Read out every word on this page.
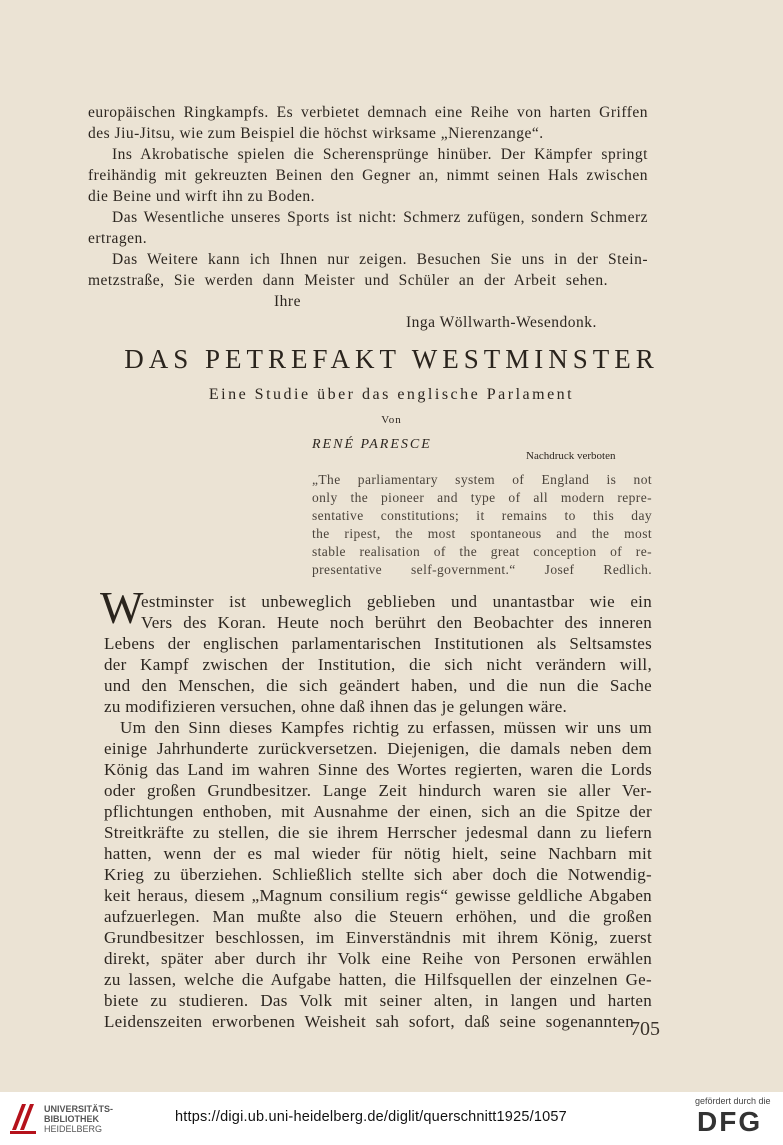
europäischen Ringkampfs. Es verbietet demnach eine Reihe von harten Griffen
des Jiu-Jitsu, wie zum Beispiel die höchst wirksame „Nierenzange“.
Ins Akrobatische spielen die Scherensprünge hinüber. Der Kämpfer springt
freihändig mit gekreuzten Beinen den Gegner an, nimmt seinen Hals zwischen
die Beine und wirft ihn zu Boden.
Das Wesentliche unseres Sports ist nicht: Schmerz zufügen, sondern Schmerz
ertragen.
Das Weitere kann ich Ihnen nur zeigen. Besuchen Sie uns in der Stein-
metzstraße, Sie werden dann Meister und Schüler an der Arbeit sehen.
Ihre
Inga Wöllwarth-Wesendonk.
DAS PETREFAKT WESTMINSTER
Eine Studie über das englische Parlament
Von
RENÉ PARESCE
Nachdruck verboten
„The parliamentary system of England is not
only the pioneer and type of all modern repre-
sentative constitutions; it remains to this day
the ripest, the most spontaneous and the most
stable realisation of the great conception of re-
presentative self-government.“ Josef Redlich.
W
estminster ist unbeweglich geblieben und unantastbar wie ein
Vers des Koran. Heute noch berührt den Beobachter des inneren
Lebens der englischen parlamentarischen Institutionen als Seltsamstes
der Kampf zwischen der Institution, die sich nicht verändern will,
und den Menschen, die sich geändert haben, und die nun die Sache
zu modifizieren versuchen, ohne daß ihnen das je gelungen wäre.
Um den Sinn dieses Kampfes richtig zu erfassen, müssen wir uns um
einige Jahrhunderte zurückversetzen. Diejenigen, die damals neben dem
König das Land im wahren Sinne des Wortes regierten, waren die Lords
oder großen Grundbesitzer. Lange Zeit hindurch waren sie aller Ver-
pflichtungen enthoben, mit Ausnahme der einen, sich an die Spitze der
Streitkräfte zu stellen, die sie ihrem Herrscher jedesmal dann zu liefern
hatten, wenn der es mal wieder für nötig hielt, seine Nachbarn mit
Krieg zu überziehen. Schließlich stellte sich aber doch die Notwendig-
keit heraus, diesem „Magnum consilium regis“ gewisse geldliche Abgaben
aufzuerlegen. Man mußte also die Steuern erhöhen, und die großen
Grundbesitzer beschlossen, im Einverständnis mit ihrem König, zuerst
direkt, später aber durch ihr Volk eine Reihe von Personen erwählen
zu lassen, welche die Aufgabe hatten, die Hilfsquellen der einzelnen Ge-
biete zu studieren. Das Volk mit seiner alten, in langen und harten
Leidenszeiten erworbenen Weisheit sah sofort, daß seine sogenannten
705
UNIVERSITÄTS-
BIBLIOTHEK
HEIDELBERG
https://digi.ub.uni-heidelberg.de/diglit/querschnitt1925/1057
gefördert durch die
DFG
